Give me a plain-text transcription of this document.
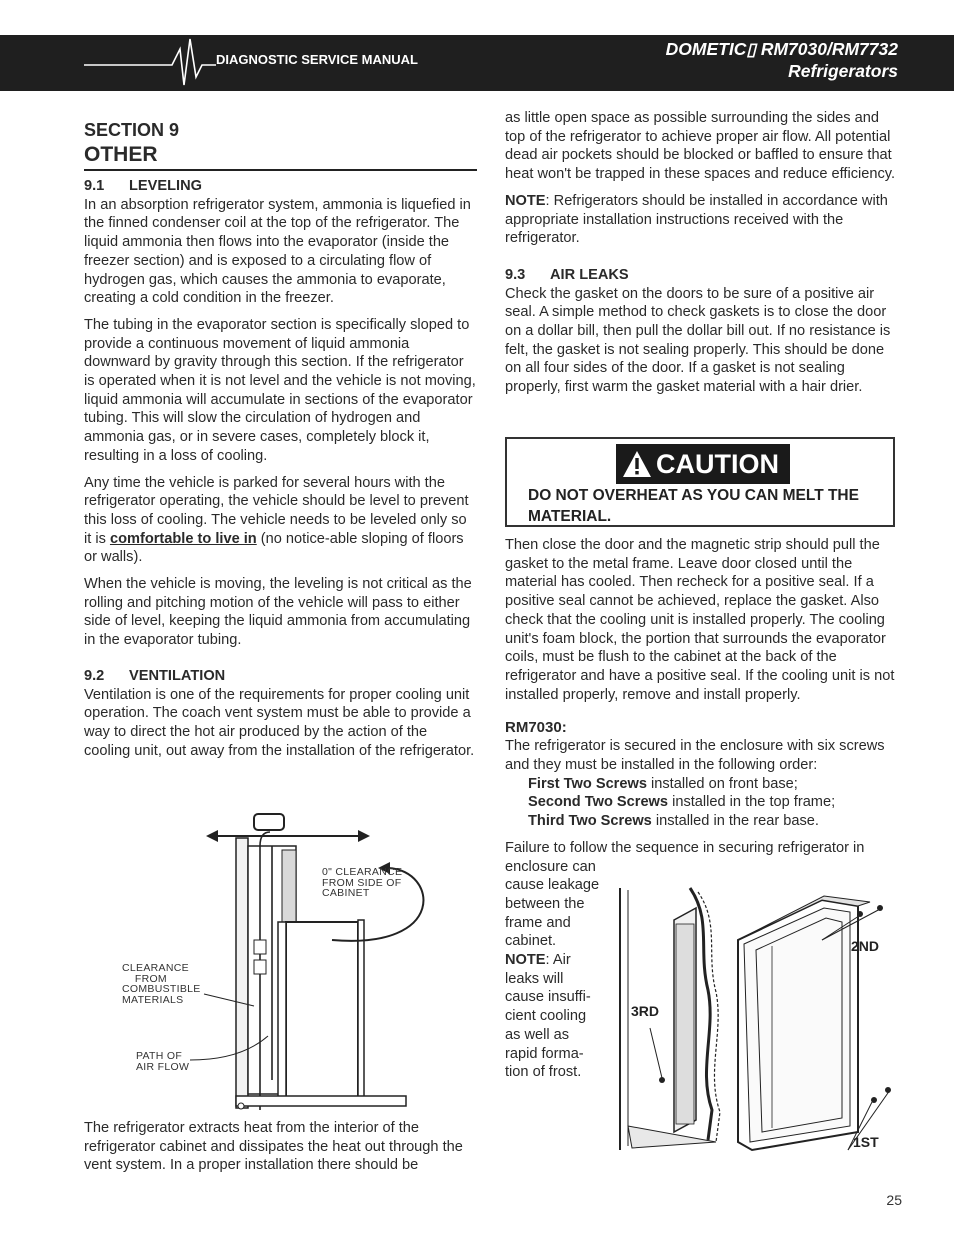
DIAGNOSTIC SERVICE MANUAL
DOMETIC▯ RM7030/RM7732
Refrigerators
SECTION 9
OTHER
9.1 LEVELING

In an absorption refrigerator system, ammonia is liquefied in the finned condenser coil at the top of the refrigerator. The liquid ammonia then flows into the evaporator (inside the freezer section) and is exposed to a circulating flow of hydrogen gas, which causes the ammonia to evaporate, creating a cold condition in the freezer.

The tubing in the evaporator section is specifically sloped to provide a continuous movement of liquid ammonia downward by gravity through this section. If the refrigerator is operated when it is not level and the vehicle is not moving, liquid ammonia will accumulate in sections of the evaporator tubing. This will slow the circulation of hydrogen and ammonia gas, or in severe cases, completely block it, resulting in a loss of cooling.

Any time the vehicle is parked for several hours with the refrigerator operating, the vehicle should be level to prevent this loss of cooling. The vehicle needs to be leveled only so it is comfortable to live in (no notice-able sloping of floors or walls).

When the vehicle is moving, the leveling is not critical as the rolling and pitching motion of the vehicle will pass to either side of level, keeping the liquid ammonia from accumulating in the evaporator tubing.

9.2 VENTILATION

Ventilation is one of the requirements for proper cooling unit operation. The coach vent system must be able to provide a way to direct the hot air produced by the action of the cooling unit, out away from the installation of the refrigerator.

0" CLEARANCE
FROM SIDE OF
CABINET
CLEARANCE
FROM
COMBUSTIBLE
MATERIALS
PATH OF
AIR FLOW

The refrigerator extracts heat from the interior of the refrigerator cabinet and dissipates the heat out through the vent system. In a proper installation there should be

as little open space as possible surrounding the sides and top of the refrigerator to achieve proper air flow. All potential dead air pockets should be blocked or baffled to ensure that heat won't be trapped in these spaces and reduce efficiency.

NOTE: Refrigerators should be installed in accordance with appropriate installation instructions received with the refrigerator.

9.3 AIR LEAKS

Check the gasket on the doors to be sure of a positive air seal. A simple method to check gaskets is to close the door on a dollar bill, then pull the dollar bill out. If no resistance is felt, the gasket is not sealing properly. This should be done on all four sides of the door. If a gasket is not sealing properly, first warm the gasket material with a hair drier.

CAUTION
DO NOT OVERHEAT AS YOU CAN MELT THE MATERIAL.

Then close the door and the magnetic strip should pull the gasket to the metal frame. Leave door closed until the material has cooled. Then recheck for a positive seal. If a positive seal cannot be achieved, replace the gasket. Also check that the cooling unit is installed properly. The cooling unit's foam block, the portion that surrounds the evaporator coils, must be flush to the cabinet at the back of the refrigerator and have a positive seal. If the cooling unit is not installed properly, remove and install properly.

RM7030:

The refrigerator is secured in the enclosure with six screws and they must be installed in the following order:

First Two Screws installed on front base;
Second Two Screws installed in the top frame;
Third Two Screws installed in the rear base.
Failure to follow the sequence in securing refrigerator in
enclosure can
cause leakage
between the
frame and
cabinet.
NOTE: Air
leaks will
cause insuffi-
cient cooling
as well as
rapid forma-
tion of frost.
2ND
3RD
1ST
25
